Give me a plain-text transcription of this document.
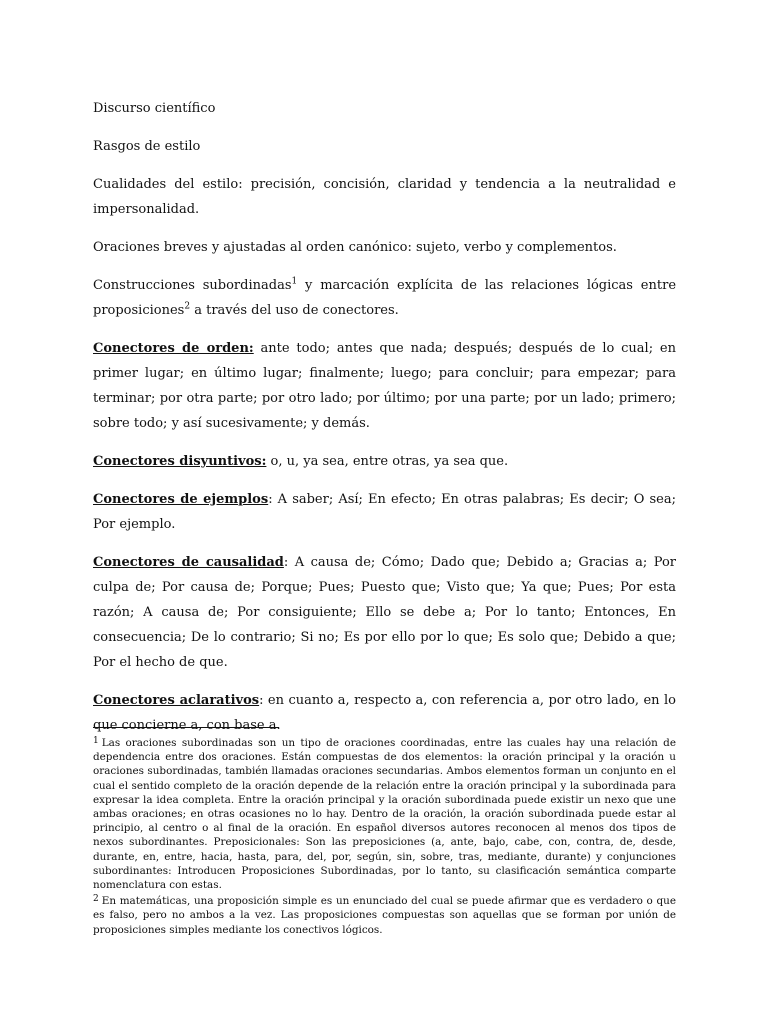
Discurso científico

Rasgos de estilo

Cualidades del estilo: precisión, concisión, claridad y tendencia a la neutralidad e impersonalidad.

Oraciones breves y ajustadas al orden canónico: sujeto, verbo y complementos.

Construcciones subordinadas$^1$ y marcación explícita de las relaciones lógicas entre proposiciones$^2$ a través del uso de conectores.

Conectores de orden: ante todo; antes que nada; después; después de lo cual; en primer lugar; en último lugar; finalmente; luego; para concluir; para empezar; para terminar; por otra parte; por otro lado; por último; por una parte; por un lado; primero; sobre todo; y así sucesivamente; y demás.

Conectores disyuntivos: o, u, ya sea, entre otras, ya sea que.

Conectores de ejemplos: A saber; Así; En efecto; En otras palabras; Es decir; O sea; Por ejemplo.

Conectores de causalidad: A causa de; Cómo; Dado que; Debido a; Gracias a; Por culpa de; Por causa de; Porque; Pues; Puesto que; Visto que; Ya que; Pues; Por esta razón; A causa de; Por consiguiente; Ello se debe a; Por lo tanto; Entonces, En consecuencia; De lo contrario; Si no; Es por ello por lo que; Es solo que; Debido a que; Por el hecho de que.

Conectores aclarativos: en cuanto a, respecto a, con referencia a, por otro lado, en lo que concierne a, con base a.

1 Las oraciones subordinadas son un tipo de oraciones coordinadas, entre las cuales hay una relación de dependencia entre dos oraciones. Están compuestas de dos elementos: la oración principal y la oración u oraciones subordinadas, también llamadas oraciones secundarias. Ambos elementos forman un conjunto en el cual el sentido completo de la oración depende de la relación entre la oración principal y la subordinada para expresar la idea completa. Entre la oración principal y la oración subordinada puede existir un nexo que une ambas oraciones; en otras ocasiones no lo hay. Dentro de la oración, la oración subordinada puede estar al principio, al centro o al final de la oración. En español diversos autores reconocen al menos dos tipos de nexos subordinantes. Preposicionales: Son las preposiciones (a, ante, bajo, cabe, con, contra, de, desde, durante, en, entre, hacia, hasta, para, del, por, según, sin, sobre, tras, mediante, durante) y conjunciones subordinantes: Introducen Proposiciones Subordinadas, por lo tanto, su clasificación semántica comparte nomenclatura con estas.

2 En matemáticas, una proposición simple es un enunciado del cual se puede afirmar que es verdadero o que es falso, pero no ambos a la vez. Las proposiciones compuestas son aquellas que se forman por unión de proposiciones simples mediante los conectivos lógicos.
